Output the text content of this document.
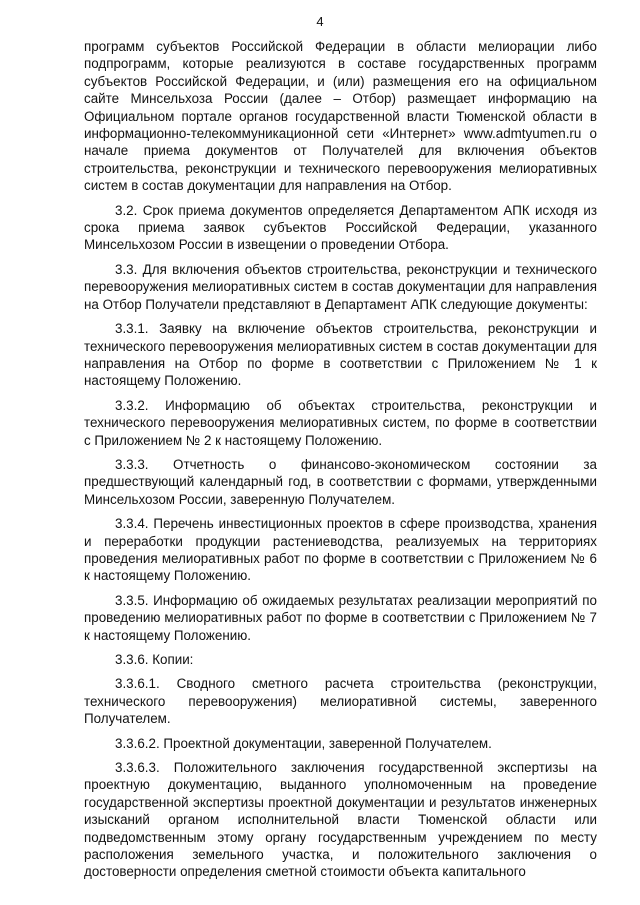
4

программ субъектов Российской Федерации в области мелиорации либо подпрограмм, которые реализуются в составе государственных программ субъектов Российской Федерации, и (или) размещения его на официальном сайте Минсельхоза России (далее – Отбор) размещает информацию на Официальном портале органов государственной власти Тюменской области в информационно-телекоммуникационной сети «Интернет» www.admtyumen.ru о начале приема документов от Получателей для включения объектов строительства, реконструкции и технического перевооружения мелиоративных систем в состав документации для направления на Отбор.

3.2. Срок приема документов определяется Департаментом АПК исходя из срока приема заявок субъектов Российской Федерации, указанного Минсельхозом России в извещении о проведении Отбора.

3.3. Для включения объектов строительства, реконструкции и технического перевооружения мелиоративных систем в состав документации для направления на Отбор Получатели представляют в Департамент АПК следующие документы:

3.3.1. Заявку на включение объектов строительства, реконструкции и технического перевооружения мелиоративных систем в состав документации для направления на Отбор по форме в соответствии с Приложением № 1 к настоящему Положению.

3.3.2. Информацию об объектах строительства, реконструкции и технического перевооружения мелиоративных систем, по форме в соответствии с Приложением № 2 к настоящему Положению.

3.3.3. Отчетность о финансово-экономическом состоянии за предшествующий календарный год, в соответствии с формами, утвержденными Минсельхозом России, заверенную Получателем.

3.3.4. Перечень инвестиционных проектов в сфере производства, хранения и переработки продукции растениеводства, реализуемых на территориях проведения мелиоративных работ по форме в соответствии с Приложением № 6 к настоящему Положению.

3.3.5. Информацию об ожидаемых результатах реализации мероприятий по проведению мелиоративных работ по форме в соответствии с Приложением № 7 к настоящему Положению.

3.3.6. Копии:

3.3.6.1. Сводного сметного расчета строительства (реконструкции, технического перевооружения) мелиоративной системы, заверенного Получателем.

3.3.6.2. Проектной документации, заверенной Получателем.

3.3.6.3. Положительного заключения государственной экспертизы на проектную документацию, выданного уполномоченным на проведение государственной экспертизы проектной документации и результатов инженерных изысканий органом исполнительной власти Тюменской области или подведомственным этому органу государственным учреждением по месту расположения земельного участка, и положительного заключения о достоверности определения сметной стоимости объекта капитального
